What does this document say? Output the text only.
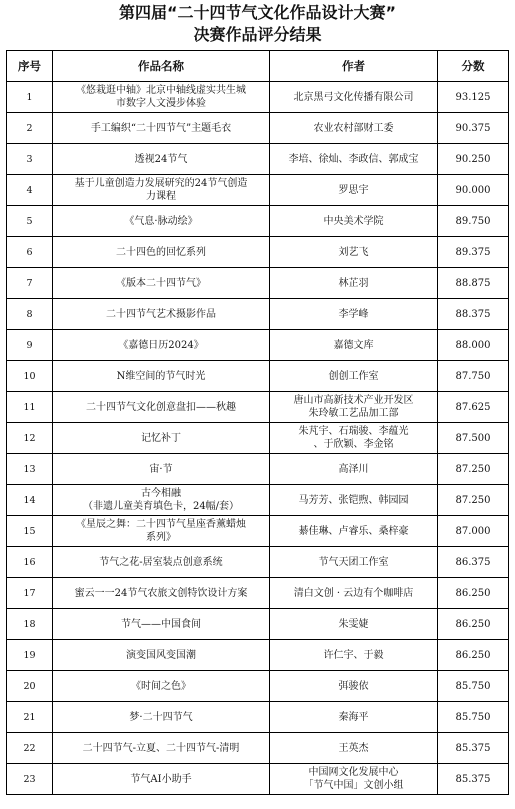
第四届“二十四节气文化作品设计大赛”
决赛作品评分结果
序号	作品名称	作者	分数
1	《悠栽逛中轴》北京中轴线虚实共生城
市数字人文漫步体验	北京黑弓文化传播有限公司	93.125
2	手工编织“二十四节气”主题毛衣	农业农村部财工委	90.375
3	透视24节气	李培、徐灿、李政信、郭成宝	90.250
4	基于儿童创造力发展研究的24节气创造
力课程	罗思宇	90.000
5	《气息·脉动绘》	中央美术学院	89.750
6	二十四色的回忆系列	刘艺飞	89.375
7	《版本二十四节气》	林芷羽	88.875
8	二十四节气艺术摄影作品	李学峰	88.375
9	《嘉德日历2024》	嘉德文库	88.000
10	N维空间的节气时光	创创工作室	87.750
11	二十四节气文化创意盘扣——秋趣	唐山市高新技术产业开发区
朱玲敏工艺品加工部	87.625
12	记忆补丁	朱芃宇、石瑞骏、李蕴光
、于欣颖、李金铭	87.500
13	宙·节	高泽川	87.250
14	古今相融
（非遗儿童美育填色卡，24幅/套）	马芳芳、张铠煦、韩园园	87.250
15	《星辰之舞：二十四节气星座香薰蜡烛
系列》	綦佳琳、卢睿乐、桑梓豪	87.000
16	节气之花-居室装点创意系统	节气天团工作室	86.375
17	蜜云一一24节气农旅文创特饮设计方案	清白文创 · 云边有个咖啡店	86.250
18	节气——中国食间	朱雯婕	86.250
19	演变国风变国潮	许仁宇、于毅	86.250
20	《时间之色》	弭骏依	85.750
21	梦·二十四节气	秦海平	85.750
22	二十四节气-立夏、二十四节气-清明	王英杰	85.375
23	节气AI小助手	中国网文化发展中心
「节气中国」文创小组	85.375
